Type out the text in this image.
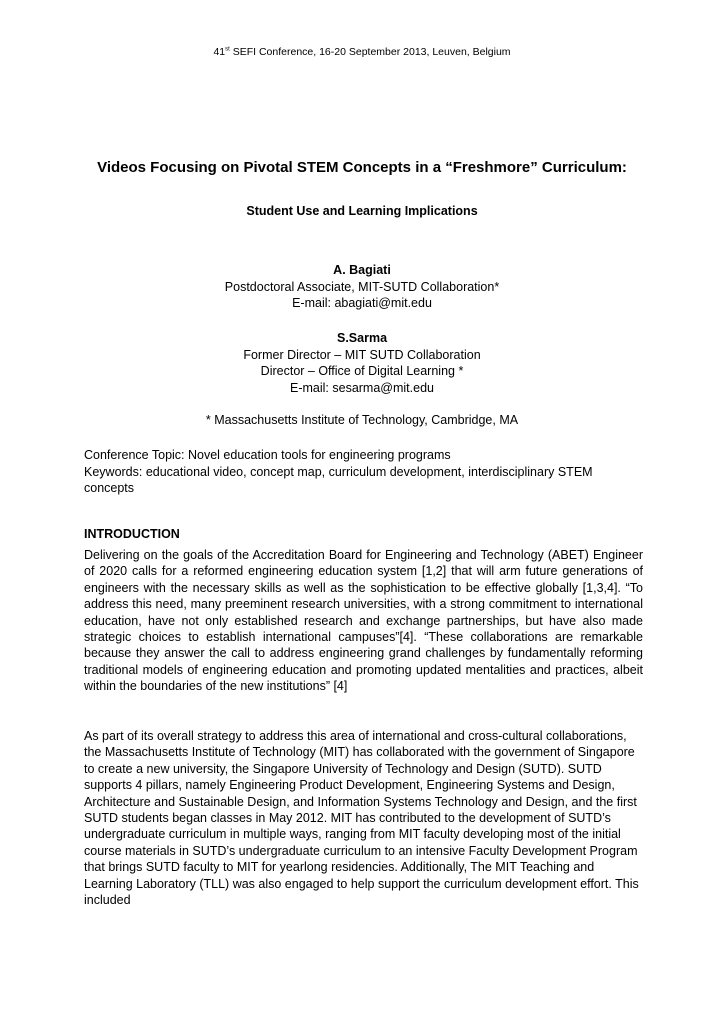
41st SEFI Conference, 16-20 September 2013, Leuven, Belgium
Videos Focusing on Pivotal STEM Concepts in a “Freshmore” Curriculum:
Student Use and Learning Implications
A. Bagiati
Postdoctoral Associate, MIT-SUTD Collaboration*
E-mail: abagiati@mit.edu
S.Sarma
Former Director – MIT SUTD Collaboration
Director – Office of Digital Learning *
E-mail: sesarma@mit.edu
* Massachusetts Institute of Technology, Cambridge, MA
Conference Topic: Novel education tools for engineering programs
Keywords: educational video, concept map, curriculum development, interdisciplinary STEM concepts
INTRODUCTION

Delivering on the goals of the Accreditation Board for Engineering and Technology (ABET) Engineer of 2020 calls for a reformed engineering education system [1,2] that will arm future generations of engineers with the necessary skills as well as the sophistication to be effective globally [1,3,4]. “To address this need, many preeminent research universities, with a strong commitment to international education, have not only established research and exchange partnerships, but have also made strategic choices to establish international campuses”[4]. “These collaborations are remarkable because they answer the call to address engineering grand challenges by fundamentally reforming traditional models of engineering education and promoting updated mentalities and practices, albeit within the boundaries of the new institutions” [4]

As part of its overall strategy to address this area of international and cross-cultural collaborations, the Massachusetts Institute of Technology (MIT) has collaborated with the government of Singapore to create a new university, the Singapore University of Technology and Design (SUTD). SUTD supports 4 pillars, namely Engineering Product Development, Engineering Systems and Design, Architecture and Sustainable Design, and Information Systems Technology and Design, and the first SUTD students began classes in May 2012. MIT has contributed to the development of SUTD’s undergraduate curriculum in multiple ways, ranging from MIT faculty developing most of the initial course materials in SUTD’s undergraduate curriculum to an intensive Faculty Development Program that brings SUTD faculty to MIT for yearlong residencies. Additionally, The MIT Teaching and Learning Laboratory (TLL) was also engaged to help support the curriculum development effort. This included
